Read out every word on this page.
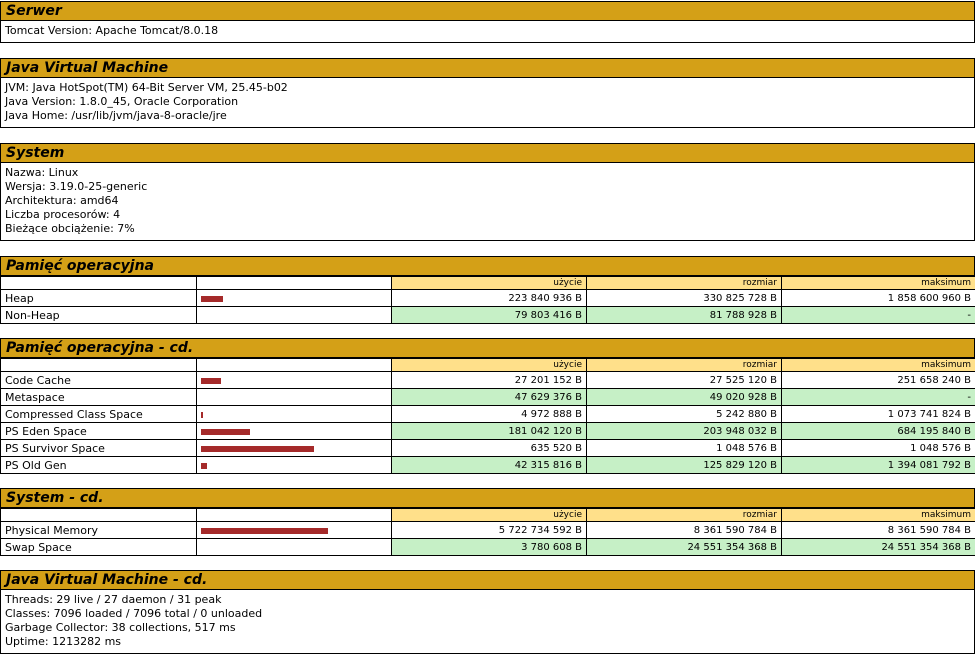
Serwer
Tomcat Version: Apache Tomcat/8.0.18
Java Virtual Machine
JVM: Java HotSpot(TM) 64-Bit Server VM, 25.45-b02
Java Version: 1.8.0_45, Oracle Corporation
Java Home: /usr/lib/jvm/java-8-oracle/jre
System
Nazwa: Linux
Wersja: 3.19.0-25-generic
Architektura: amd64
Liczba procesorów: 4
Bieżące obciążenie: 7%
Pamięć operacyjna
		użycie	rozmiar	maksimum
Heap		223 840 936 B	330 825 728 B	1 858 600 960 B
Non-Heap		79 803 416 B	81 788 928 B	-
Pamięć operacyjna - cd.
		użycie	rozmiar	maksimum
Code Cache		27 201 152 B	27 525 120 B	251 658 240 B
Metaspace		47 629 376 B	49 020 928 B	-
Compressed Class Space		4 972 888 B	5 242 880 B	1 073 741 824 B
PS Eden Space		181 042 120 B	203 948 032 B	684 195 840 B
PS Survivor Space		635 520 B	1 048 576 B	1 048 576 B
PS Old Gen		42 315 816 B	125 829 120 B	1 394 081 792 B
System - cd.
		użycie	rozmiar	maksimum
Physical Memory		5 722 734 592 B	8 361 590 784 B	8 361 590 784 B
Swap Space		3 780 608 B	24 551 354 368 B	24 551 354 368 B
Java Virtual Machine - cd.
Threads: 29 live / 27 daemon / 31 peak
Classes: 7096 loaded / 7096 total / 0 unloaded
Garbage Collector: 38 collections, 517 ms
Uptime: 1213282 ms
